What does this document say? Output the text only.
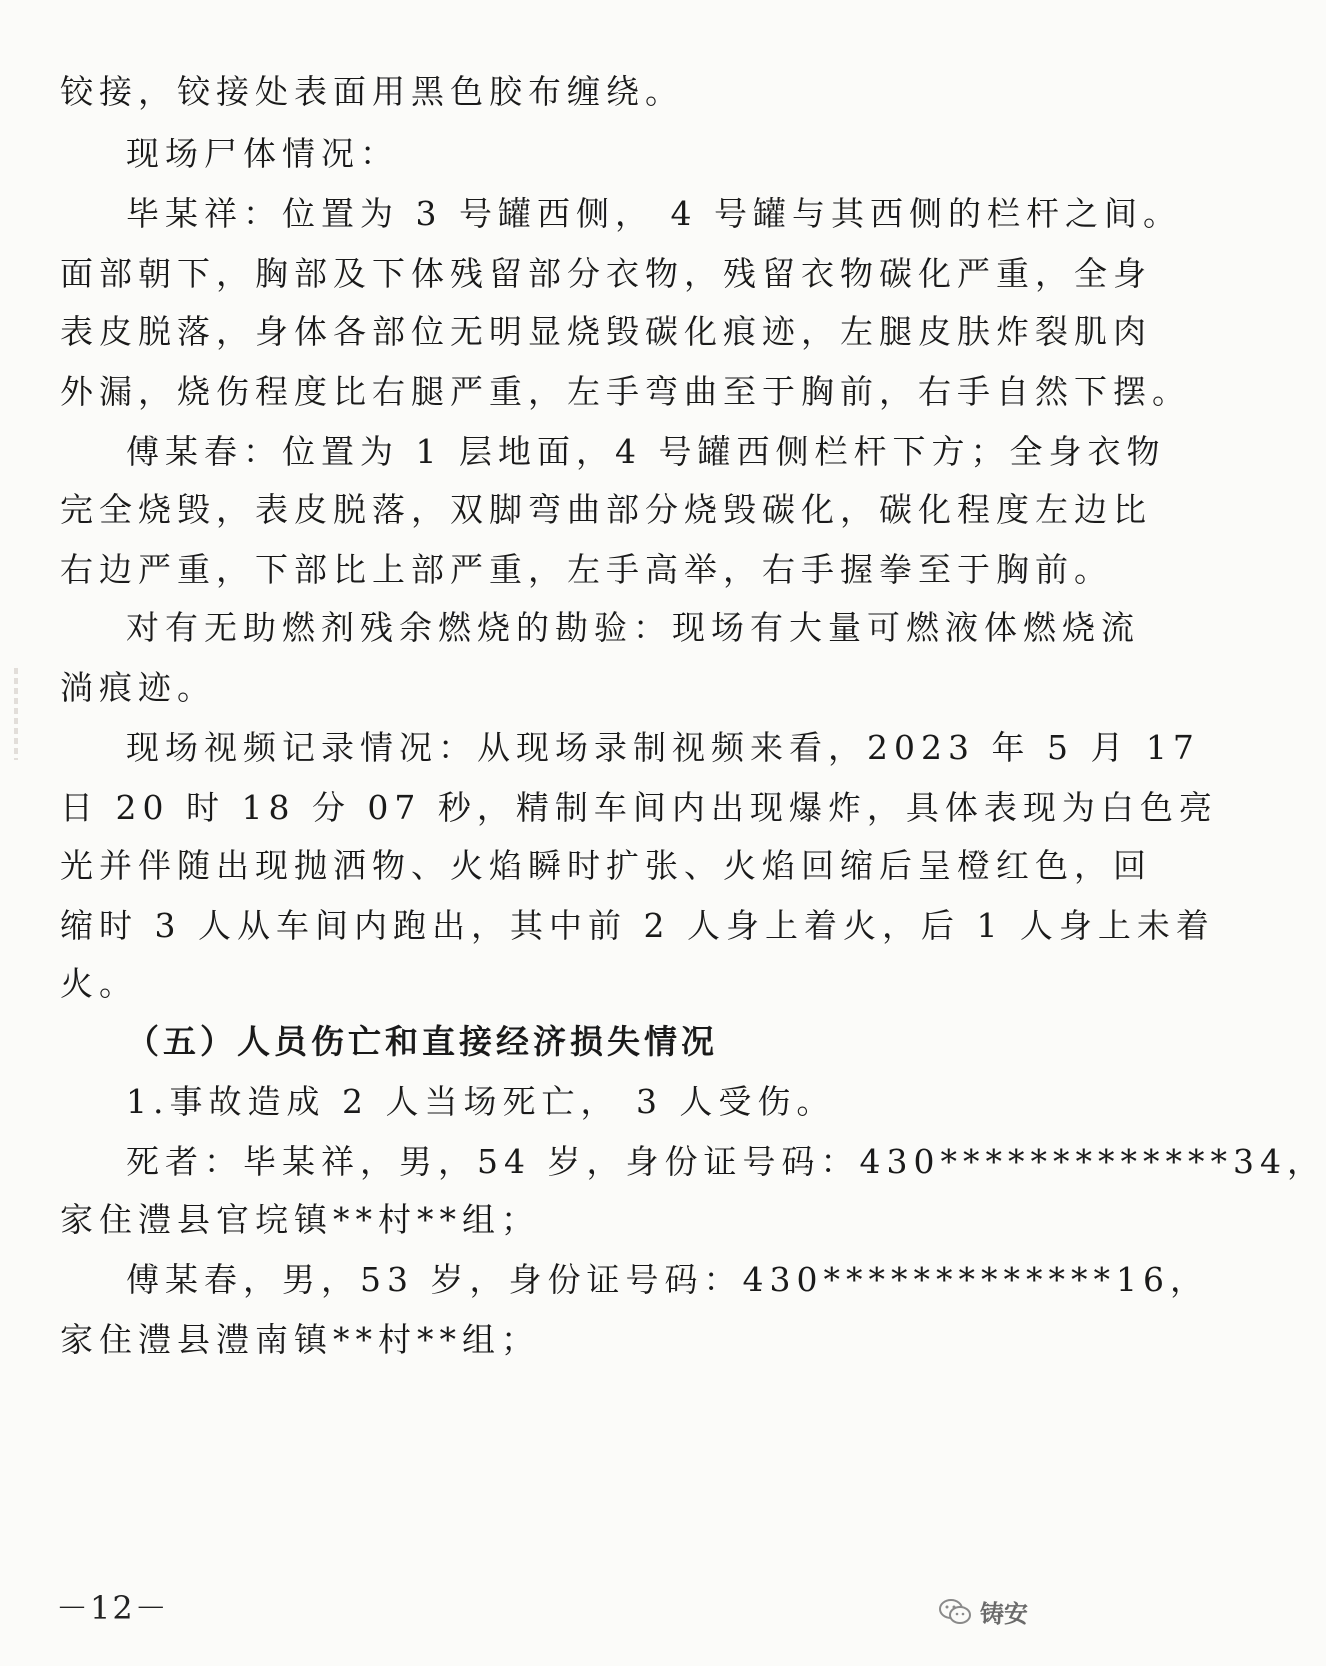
铰接，铰接处表面用黑色胶布缠绕。
现场尸体情况：
毕某祥：位置为 3 号罐西侧， 4 号罐与其西侧的栏杆之间。
面部朝下，胸部及下体残留部分衣物，残留衣物碳化严重，全身
表皮脱落，身体各部位无明显烧毁碳化痕迹，左腿皮肤炸裂肌肉
外漏，烧伤程度比右腿严重，左手弯曲至于胸前，右手自然下摆。
傅某春：位置为 1 层地面，4 号罐西侧栏杆下方；全身衣物
完全烧毁，表皮脱落，双脚弯曲部分烧毁碳化，碳化程度左边比
右边严重，下部比上部严重，左手高举，右手握拳至于胸前。
对有无助燃剂残余燃烧的勘验：现场有大量可燃液体燃烧流
淌痕迹。
现场视频记录情况：从现场录制视频来看，2023 年 5 月 17
日 20 时 18 分 07 秒，精制车间内出现爆炸，具体表现为白色亮
光并伴随出现抛洒物、火焰瞬时扩张、火焰回缩后呈橙红色，回
缩时 3 人从车间内跑出，其中前 2 人身上着火，后 1 人身上未着
火。
（五）人员伤亡和直接经济损失情况
1.事故造成 2 人当场死亡， 3 人受伤。
死者：毕某祥，男，54 岁，身份证号码：430*************34，
家住澧县官垸镇**村**组；
傅某春，男，53 岁，身份证号码：430*************16，
家住澧县澧南镇**村**组；
－12－	铸安
